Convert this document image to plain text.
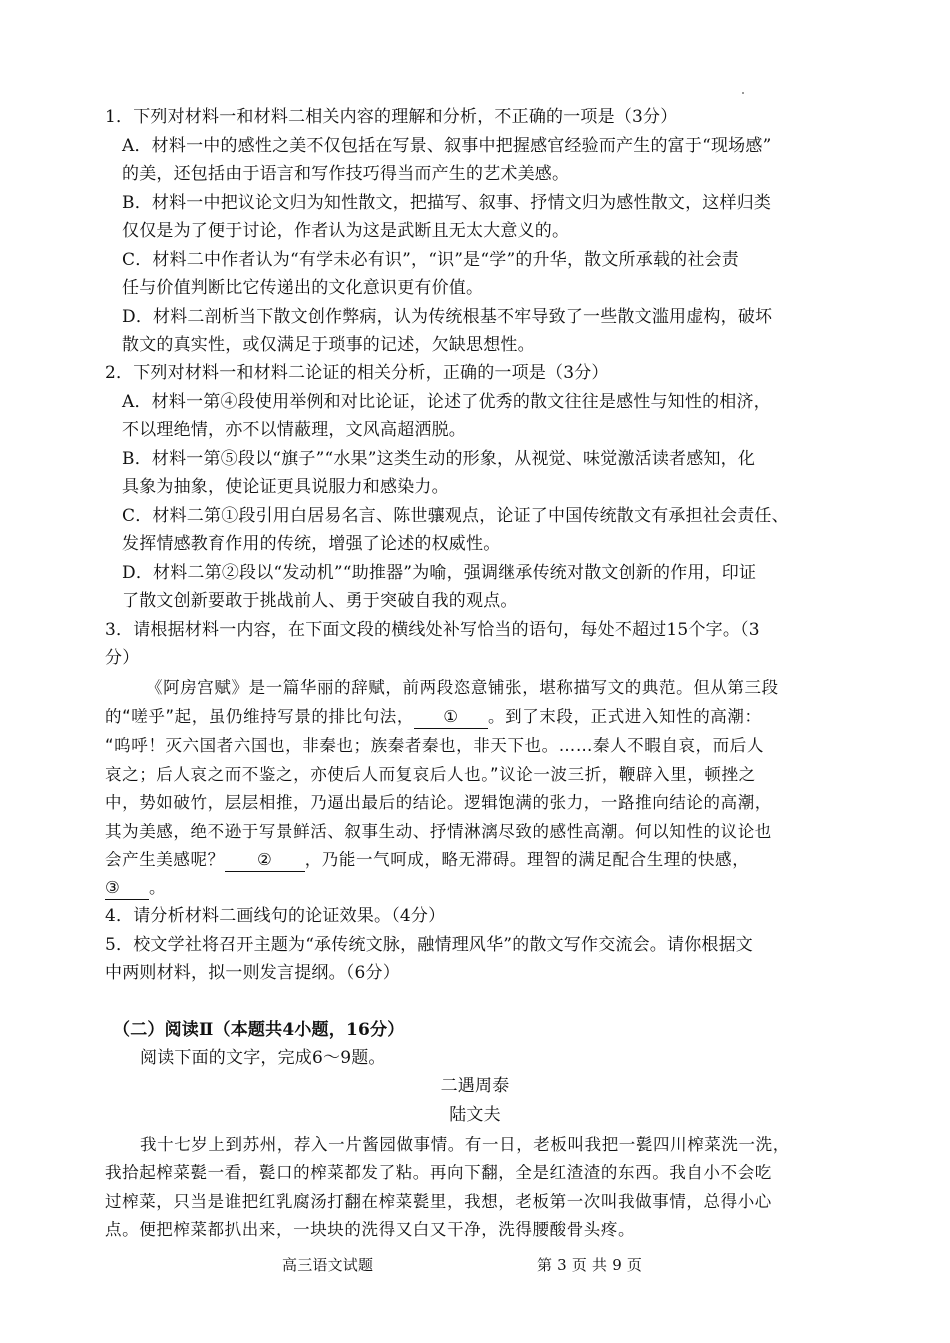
1．下列对材料一和材料二相关内容的理解和分析，不正确的一项是（3分）
A．材料一中的感性之美不仅包括在写景、叙事中把握感官经验而产生的富于“现场感”
的美，还包括由于语言和写作技巧得当而产生的艺术美感。
B．材料一中把议论文归为知性散文，把描写、叙事、抒情文归为感性散文，这样归类
仅仅是为了便于讨论，作者认为这是武断且无太大意义的。
C．材料二中作者认为“有学未必有识”，“识”是“学”的升华，散文所承载的社会责
任与价值判断比它传递出的文化意识更有价值。
D．材料二剖析当下散文创作弊病，认为传统根基不牢导致了一些散文滥用虚构，破坏
散文的真实性，或仅满足于琐事的记述，欠缺思想性。
2．下列对材料一和材料二论证的相关分析，正确的一项是（3分）
A．材料一第④段使用举例和对比论证，论述了优秀的散文往往是感性与知性的相济，
不以理绝情，亦不以情蔽理，文风高超洒脱。
B．材料一第⑤段以“旗子”“水果”这类生动的形象，从视觉、味觉激活读者感知，化
具象为抽象，使论证更具说服力和感染力。
C．材料二第①段引用白居易名言、陈世骧观点，论证了中国传统散文有承担社会责任、
发挥情感教育作用的传统，增强了论述的权威性。
D．材料二第②段以“发动机”“助推器”为喻，强调继承传统对散文创新的作用，印证
了散文创新要敢于挑战前人、勇于突破自我的观点。
3．请根据材料一内容，在下面文段的横线处补写恰当的语句，每处不超过15个字。（3
分）
《阿房宫赋》是一篇华丽的辞赋，前两段恣意铺张，堪称描写文的典范。但从第三段
的“嗟乎”起，虽仍维持写景的排比句法， ① 。到了末段，正式进入知性的高潮：
“呜呼！灭六国者六国也，非秦也；族秦者秦也，非天下也。……秦人不暇自哀，而后人
哀之；后人哀之而不鉴之，亦使后人而复哀后人也。”议论一波三折，鞭辟入里，顿挫之
中，势如破竹，层层相推，乃逼出最后的结论。逻辑饱满的张力，一路推向结论的高潮，
其为美感，绝不逊于写景鲜活、叙事生动、抒情淋漓尽致的感性高潮。何以知性的议论也
会产生美感呢？ ② ，乃能一气呵成，略无滞碍。理智的满足配合生理的快感，
③ 。
4．请分析材料二画线句的论证效果。（4分）
5．校文学社将召开主题为“承传统文脉，融情理风华”的散文写作交流会。请你根据文
中两则材料，拟一则发言提纲。（6分）
（二）阅读Ⅱ（本题共4小题，16分）
阅读下面的文字，完成6～9题。
二遇周泰
陆文夫
我十七岁上到苏州，荐入一片酱园做事情。有一日，老板叫我把一甏四川榨菜洗一洗，
我拾起榨菜甏一看，甏口的榨菜都发了粘。再向下翻，全是红渣渣的东西。我自小不会吃
过榨菜，只当是谁把红乳腐汤打翻在榨菜甏里，我想，老板第一次叫我做事情，总得小心
点。便把榨菜都扒出来，一块块的洗得又白又干净，洗得腰酸骨头疼。
高三语文试题	第 3 页 共 9 页
